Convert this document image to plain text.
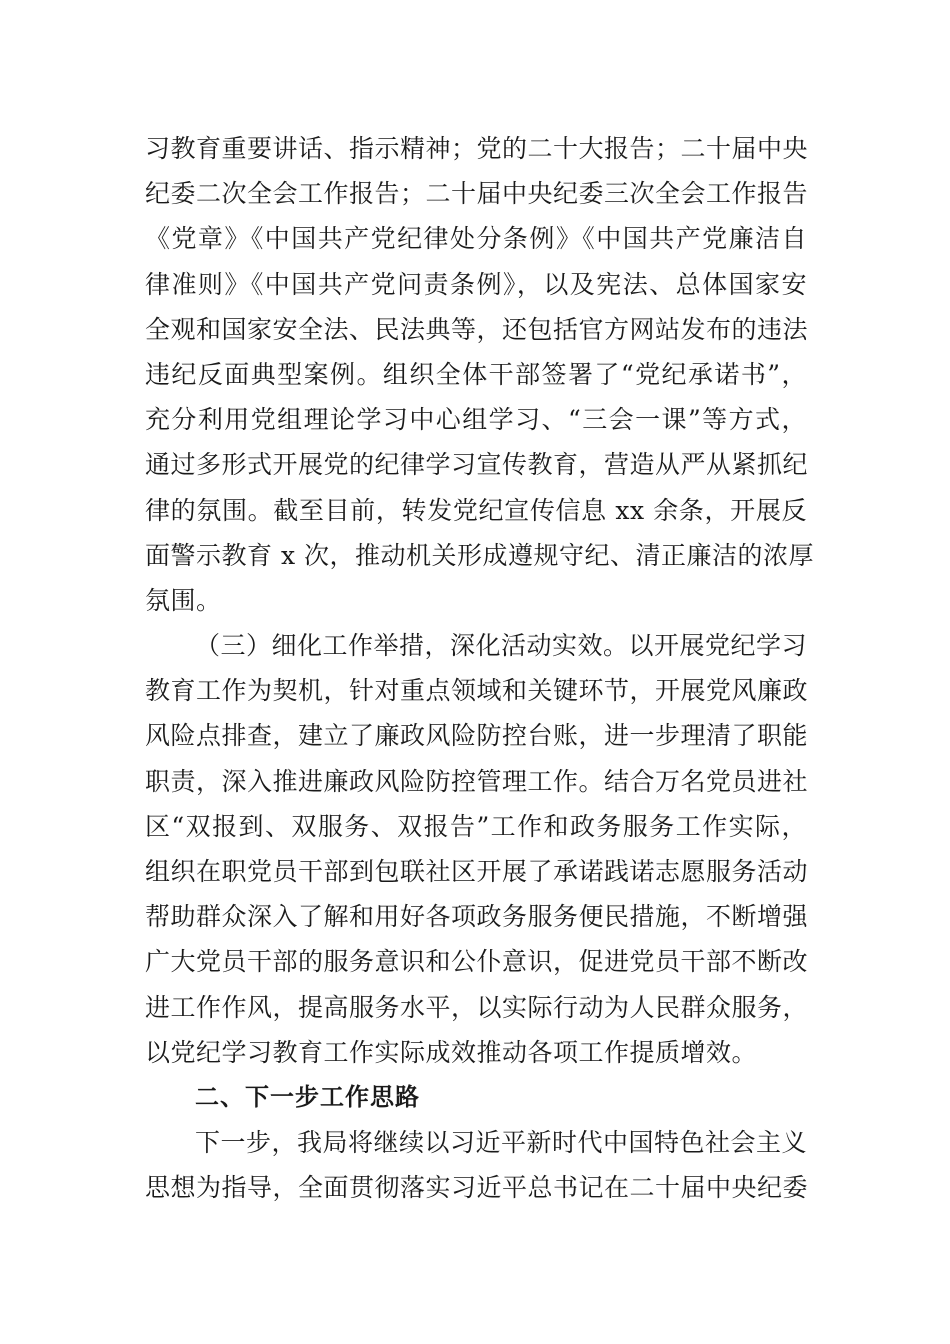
习教育重要讲话、指示精神；党的二十大报告；二十届中央
纪委二次全会工作报告；二十届中央纪委三次全会工作报告
《党章》《中国共产党纪律处分条例》《中国共产党廉洁自
律准则》《中国共产党问责条例》，以及宪法、总体国家安
全观和国家安全法、民法典等，还包括官方网站发布的违法
违纪反面典型案例。组织全体干部签署了“党纪承诺书”，
充分利用党组理论学习中心组学习、“三会一课”等方式，
通过多形式开展党的纪律学习宣传教育，营造从严从紧抓纪
律的氛围。截至目前，转发党纪宣传信息 xx 余条，开展反
面警示教育 x 次，推动机关形成遵规守纪、清正廉洁的浓厚
氛围。
（三）细化工作举措，深化活动实效。以开展党纪学习
教育工作为契机，针对重点领域和关键环节，开展党风廉政
风险点排查，建立了廉政风险防控台账，进一步理清了职能
职责，深入推进廉政风险防控管理工作。结合万名党员进社
区“双报到、双服务、双报告”工作和政务服务工作实际，
组织在职党员干部到包联社区开展了承诺践诺志愿服务活动
帮助群众深入了解和用好各项政务服务便民措施，不断增强
广大党员干部的服务意识和公仆意识，促进党员干部不断改
进工作作风，提高服务水平，以实际行动为人民群众服务，
以党纪学习教育工作实际成效推动各项工作提质增效。
二、下一步工作思路
下一步，我局将继续以习近平新时代中国特色社会主义
思想为指导，全面贯彻落实习近平总书记在二十届中央纪委
